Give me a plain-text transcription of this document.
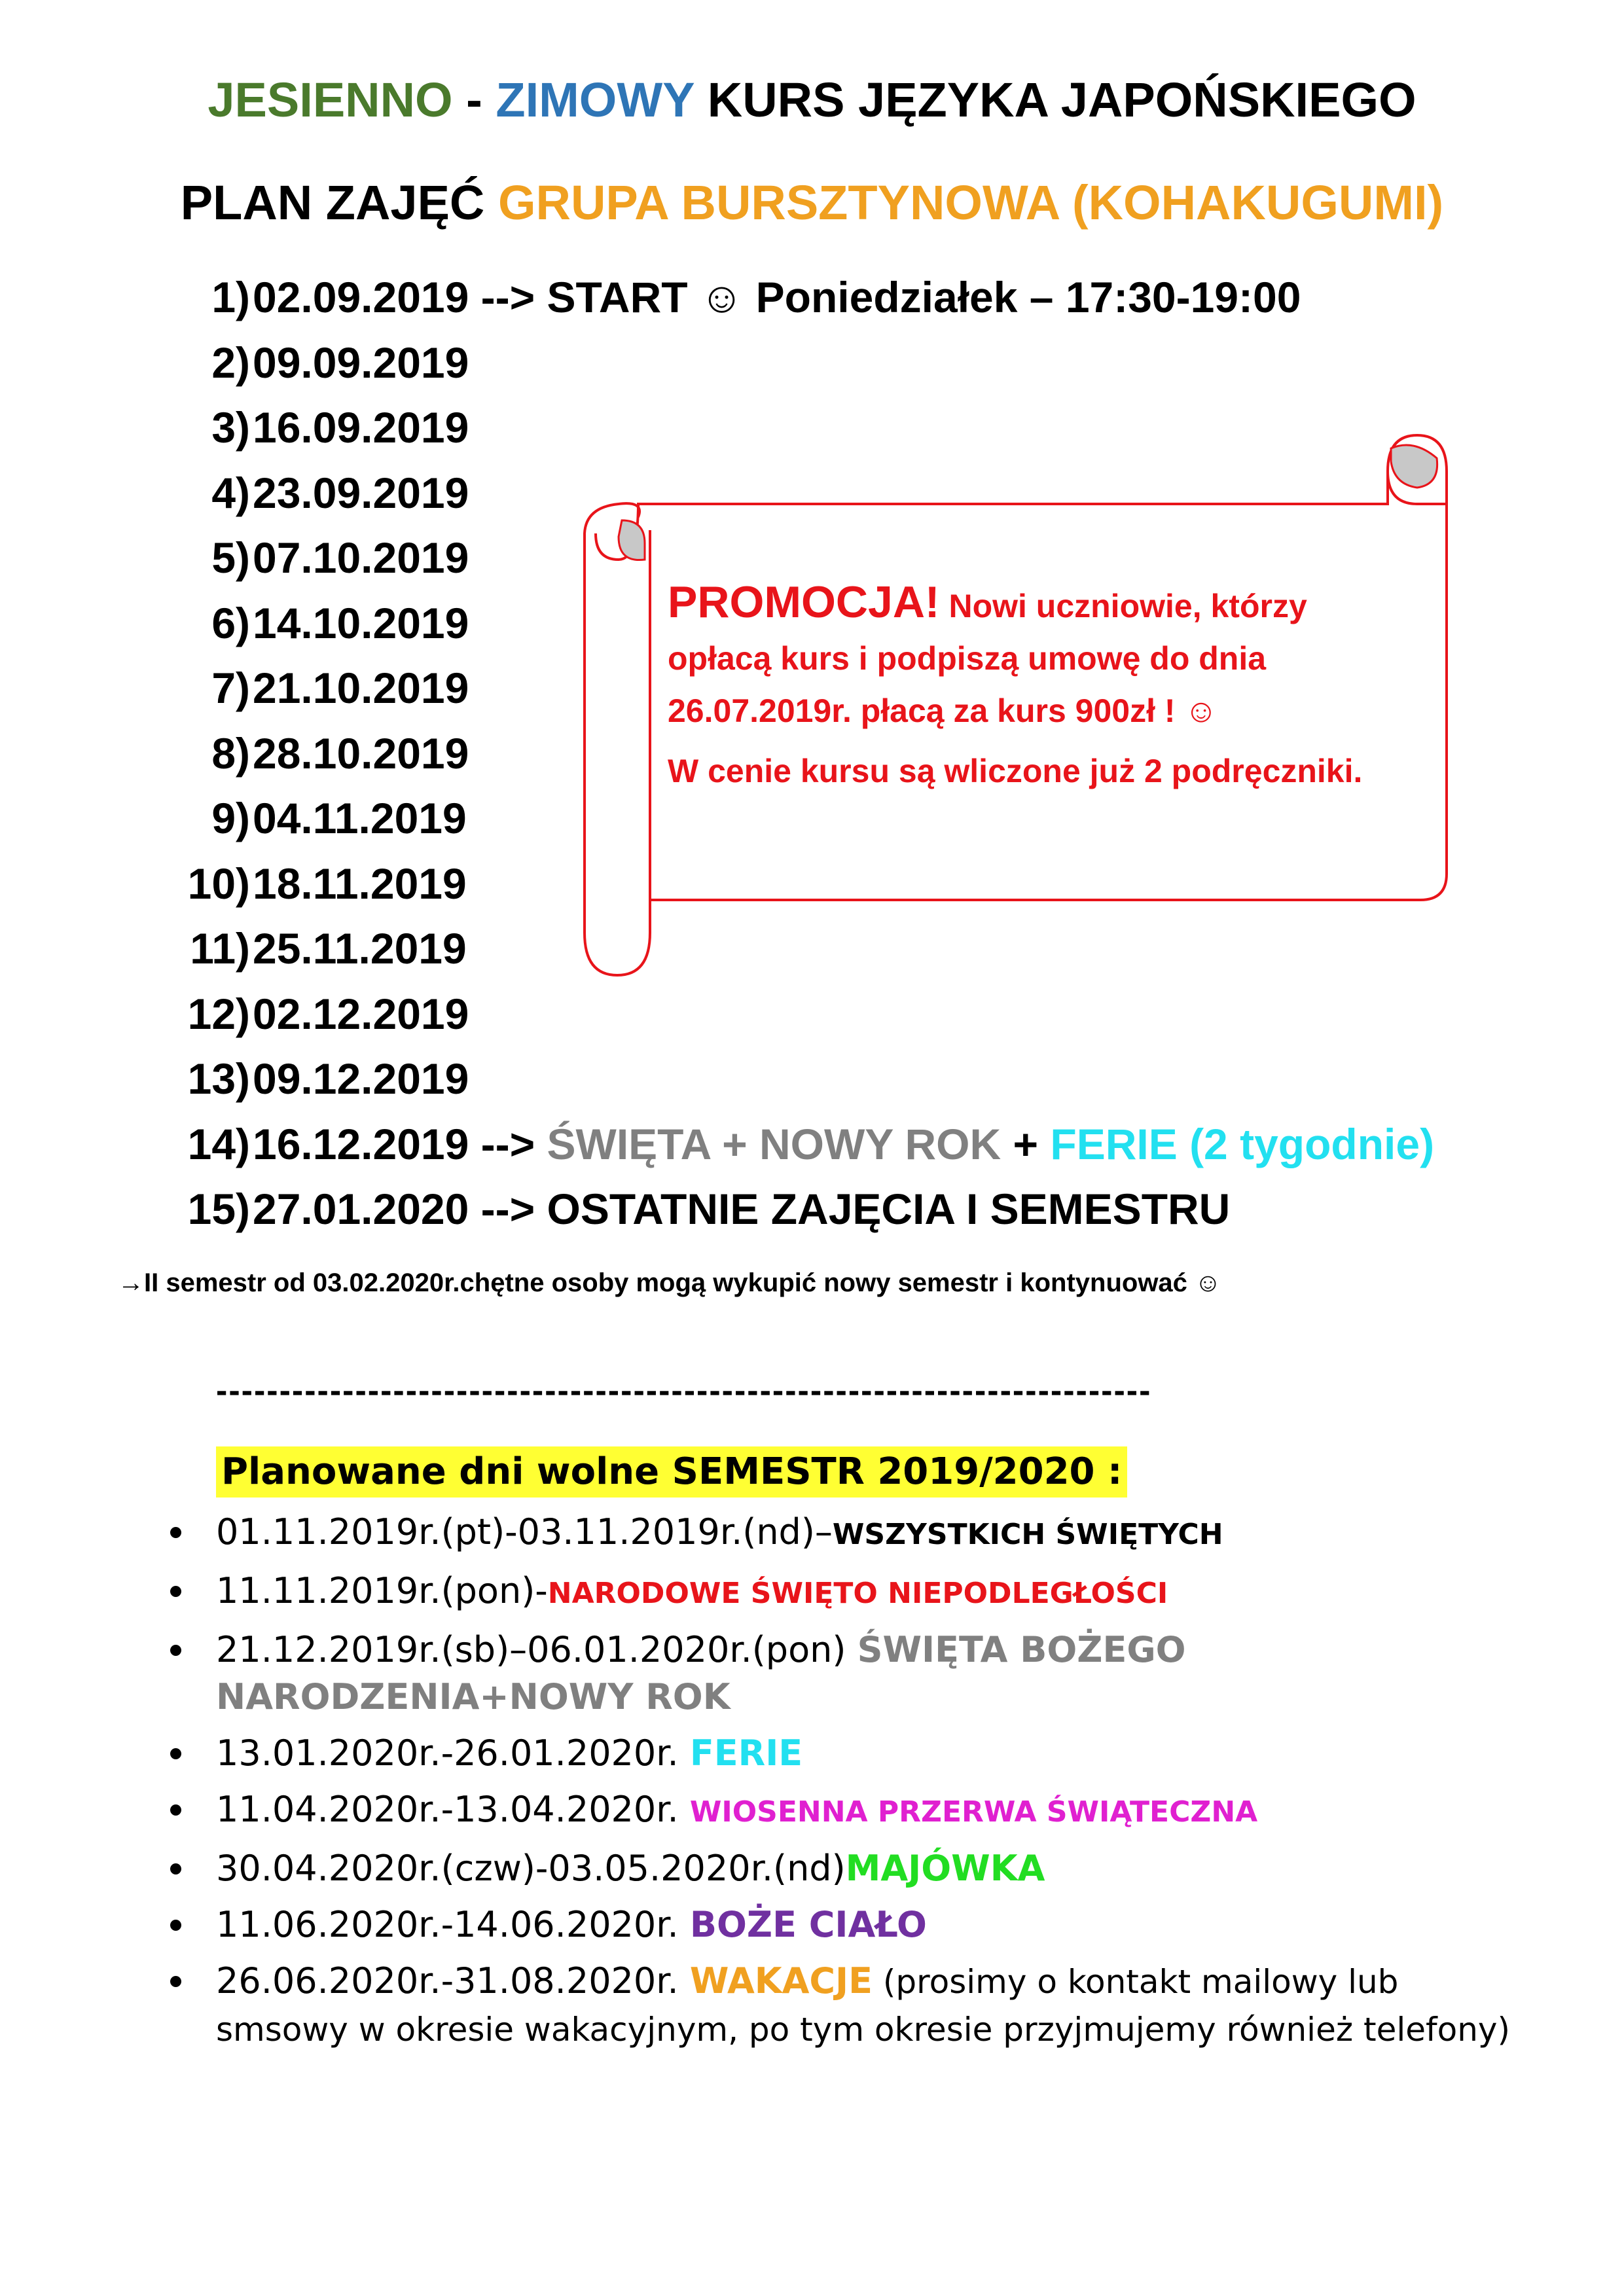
JESIENNO - ZIMOWY KURS JĘZYKA JAPOŃSKIEGO
PLAN ZAJĘĆ GRUPA BURSZTYNOWA (KOHAKUGUMI)
1) 02.09.2019 --> START ☺ Poniedziałek – 17:30-19:00
2) 09.09.2019
3) 16.09.2019
4) 23.09.2019
5) 07.10.2019
6) 14.10.2019
7) 21.10.2019
8) 28.10.2019
9) 04.11.2019
10) 18.11.2019
11) 25.11.2019
12) 02.12.2019
13) 09.12.2019
14) 16.12.2019 --> ŚWIĘTA + NOWY ROK + FERIE (2 tygodnie)
15) 27.01.2020 --> OSTATNIE ZAJĘCIA I SEMESTRU
PROMOCJA! Nowi uczniowie, którzy
opłacą kurs i podpiszą umowę do dnia
26.07.2019r. płacą za kurs 900zł ! ☺
W cenie kursu są wliczone już 2 podręczniki.
→II semestr od 03.02.2020r.chętne osoby mogą wykupić nowy semestr i kontynuować ☺
--------------------------------------------------------------------------
Planowane dni wolne SEMESTR 2019/2020 :
01.11.2019r.(pt)-03.11.2019r.(nd)–WSZYSTKICH ŚWIĘTYCH
11.11.2019r.(pon)-NARODOWE ŚWIĘTO NIEPODLEGŁOŚCI
21.12.2019r.(sb)–06.01.2020r.(pon) ŚWIĘTA BOŻEGO NARODZENIA+NOWY ROK
13.01.2020r.-26.01.2020r. FERIE
11.04.2020r.-13.04.2020r. WIOSENNA PRZERWA ŚWIĄTECZNA
30.04.2020r.(czw)-03.05.2020r.(nd)MAJÓWKA
11.06.2020r.-14.06.2020r. BOŻE CIAŁO
26.06.2020r.-31.08.2020r. WAKACJE (prosimy o kontakt mailowy lub smsowy w okresie wakacyjnym, po tym okresie przyjmujemy również telefony)
